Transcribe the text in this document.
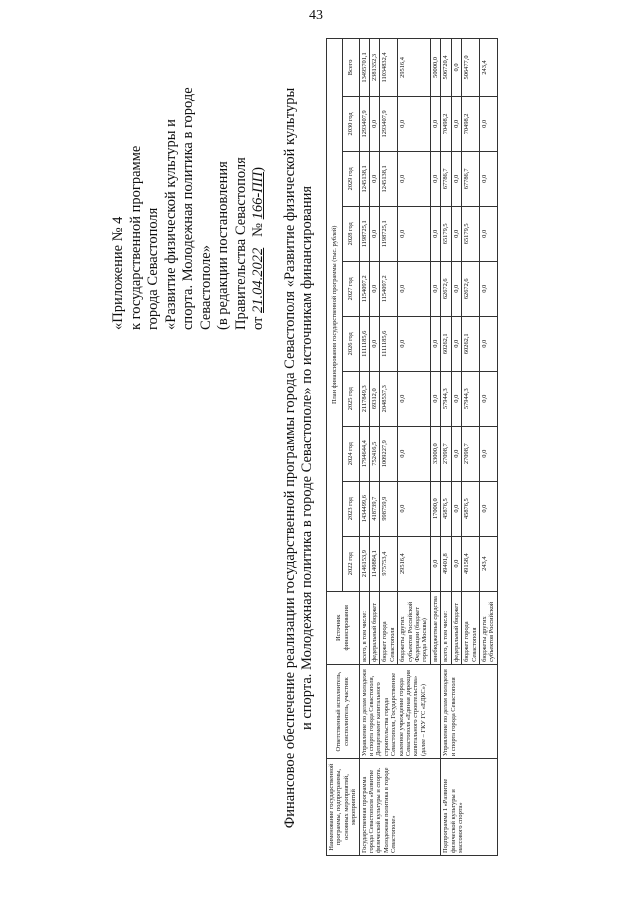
43
«Приложение № 4 к государственной программе города Севастополя «Развитие физической культуры и спорта. Молодежная политика в городе Севастополе» (в редакции постановления Правительства Севастополя от 21.04.2022   № 166-ПП) Финансовое обеспечение реализации государственной программы города Севастополя «Развитие физической культуры и спорта. Молодежная политика в городе Севастополе» по источникам финансирования
Наименование государственной программы, подпрограммы, основных мероприятий, мероприятий	Ответственный исполнитель, соисполнитель, участник	Источник финансирования	План финансирования государственной программы (тыс. рублей)									
			2022 год	2023 год	2024 год	2025 год	2026 год	2027 год	2028 год	2029 год	2030 год	Всего
Государственная программа города Севастополя «Развитие физической культуры и спорта. Молодежная политика в городе Севастополе»	Управление по делам молодежи и спорта города Севастополя, Департамент капитального строительства города Севастополя, Государственное казенное учреждение города Севастополя «Единая дирекция капитального строительства» (далее – ГКУ ГС «ЕДКС»)	всего, в том числе:	2146153,9	1434499,6	1794644,4	2117849,3	1111185,6	1154097,2	1198725,1	1245138,1	1293407,9	13495701,1
		федеральный бюджет	1140884,1	418739,7	752416,5	69312,0	0,0	0,0	0,0	0,0	0,0	2381352,3
		бюджет города Севастополя	975753,4	998759,9	1009227,9	2048537,3	1111185,6	1154097,2	1198725,1	1245138,1	1293407,9	11034832,4
		бюджеты других субъектов Российской Федерации (бюджет города Москвы)	29516,4	0,0	0,0	0,0	0,0	0,0	0,0	0,0	0,0	29516,4
		внебюджетные средства	0,0	17000,0	33000,0	0,0	0,0	0,0	0,0	0,0	0,0	50000,0
Подпрограмма 1 «Развитие физической культуры и массового спорта»	Управление по делам молодежи и спорта города Севастополя	всего, в том числе:	49401,8	45876,5	27098,7	57944,3	60262,1	62672,6	65179,5	67786,7	70498,2	506720,4
		федеральный бюджет	0,0	0,0	0,0	0,0	0,0	0,0	0,0	0,0	0,0	0,0
		бюджет города Севастополя	49158,4	45876,5	27098,7	57944,3	60262,1	62672,6	65179,5	67786,7	70498,2	506477,0
		бюджеты других субъектов Российской	243,4	0,0	0,0	0,0	0,0	0,0	0,0	0,0	0,0	243,4
